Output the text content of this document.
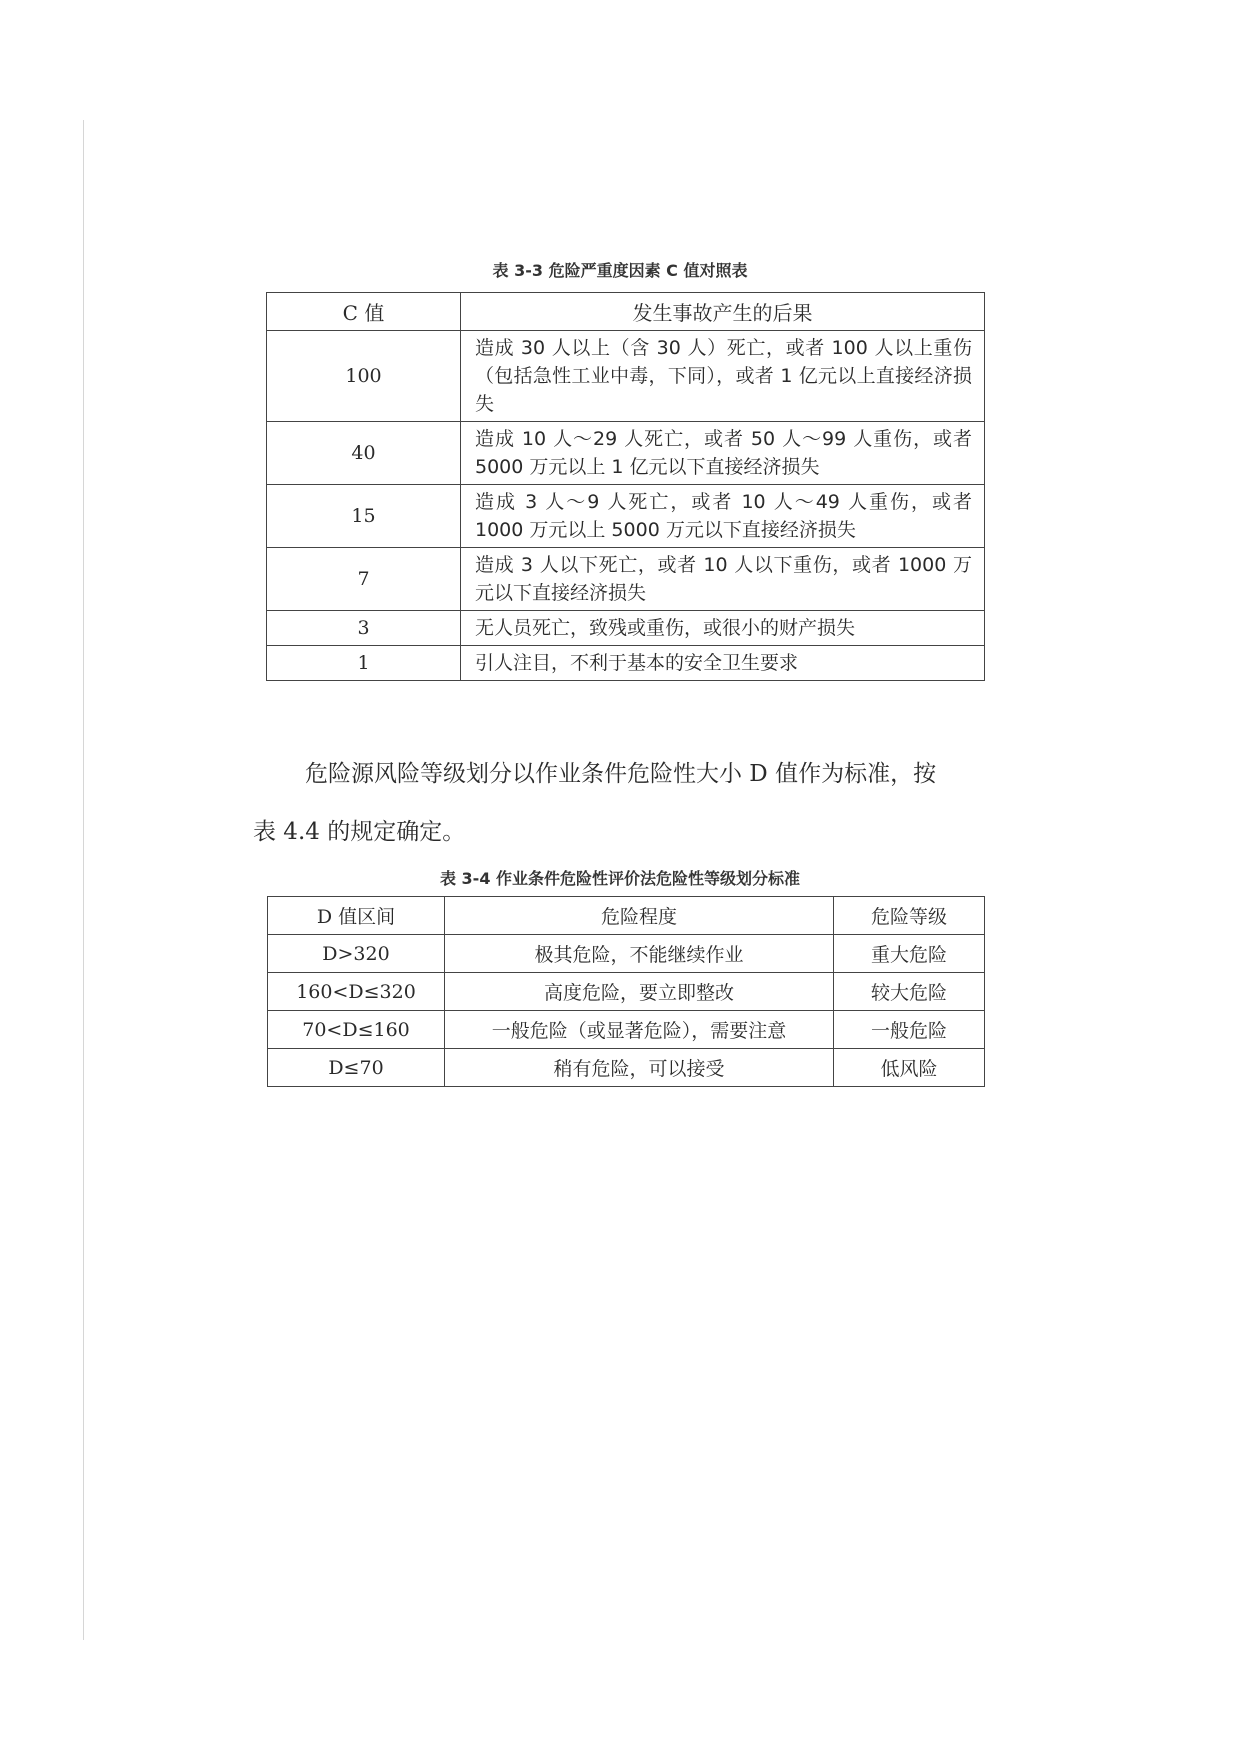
表 3-3 危险严重度因素 C 值对照表
C 值	发生事故产生的后果
100	造成 30 人以上（含 30 人）死亡，或者 100 人以上重伤（包括急性工业中毒，下同），或者 1 亿元以上直接经济损失
40	造成 10 人～29 人死亡，或者 50 人～99 人重伤，或者 5000 万元以上 1 亿元以下直接经济损失
15	造成 3 人～9 人死亡，或者 10 人～49 人重伤，或者 1000 万元以上 5000 万元以下直接经济损失
7	造成 3 人以下死亡，或者 10 人以下重伤，或者 1000 万元以下直接经济损失
3	无人员死亡，致残或重伤，或很小的财产损失
1	引人注目，不利于基本的安全卫生要求
危险源风险等级划分以作业条件危险性大小 D 值作为标准，按
表 4.4 的规定确定。
表 3-4 作业条件危险性评价法危险性等级划分标准
D 值区间	危险程度	危险等级
D>320	极其危险，不能继续作业	重大危险
160<D≤320	高度危险，要立即整改	较大危险
70<D≤160	一般危险（或显著危险），需要注意	一般危险
D≤70	稍有危险，可以接受	低风险
